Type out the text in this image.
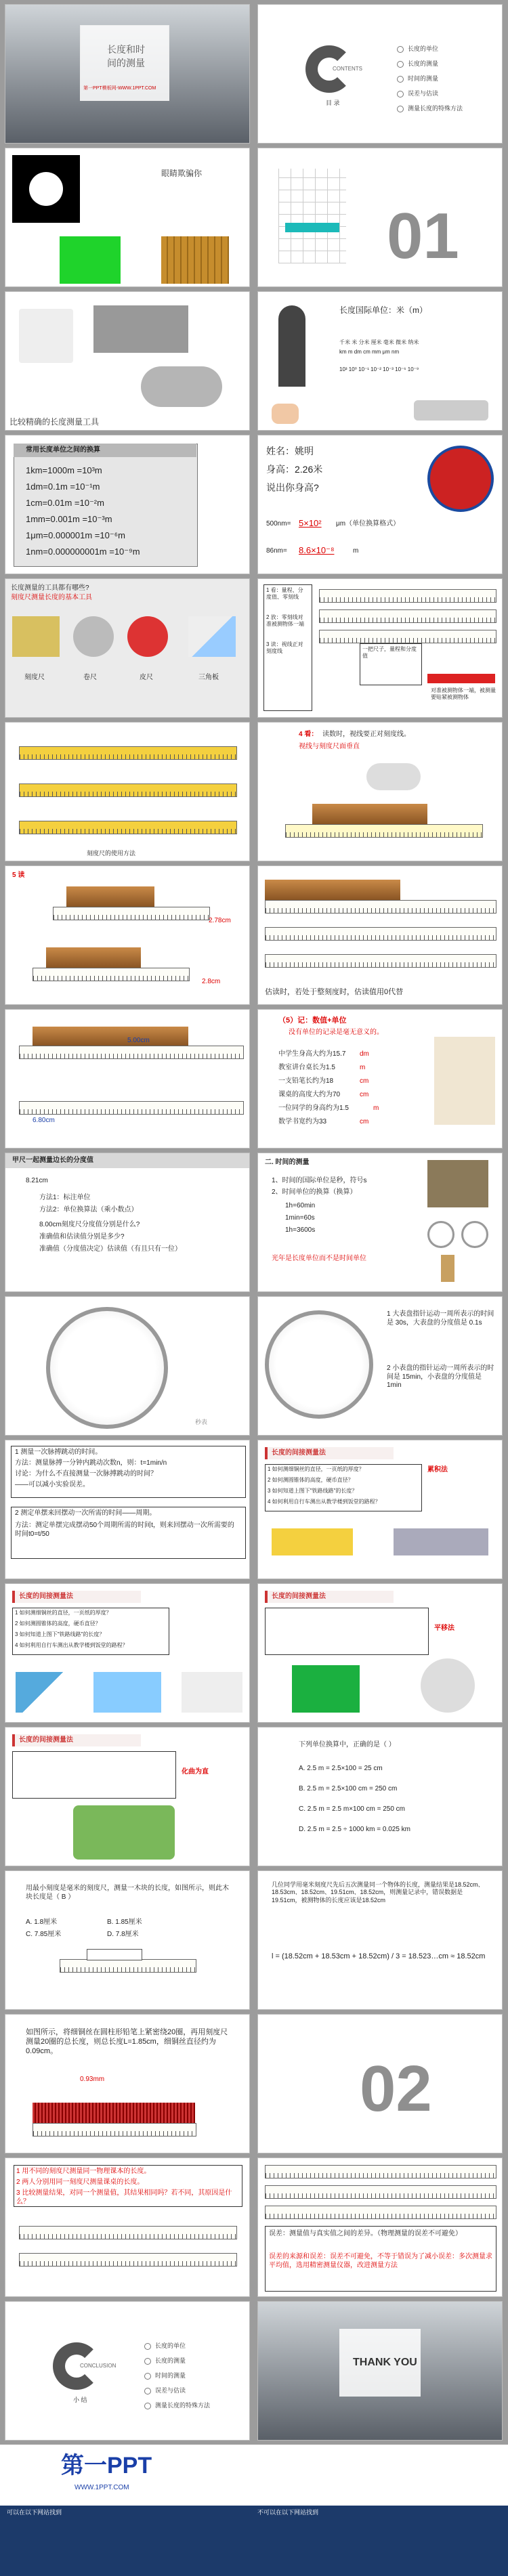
长度和时
间的测量
第一PPT模板网-WWW.1PPT.COM
CONTENTS
目 录
长度的单位
长度的测量
时间的测量
误差与估读
测量长度的特殊方法
眼睛欺骗你
01
比较精确的长度测量工具
长度国际单位：米（m）
千米 米 分米 厘米 毫米 微米 纳米
km m dm cm mm μm nm
10³ 10⁰ 10⁻¹ 10⁻² 10⁻³ 10⁻⁶ 10⁻⁹
常用长度单位之间的换算
1km=1000m =10³m
1dm=0.1m =10⁻¹m
1cm=0.01m =10⁻²m
1mm=0.001m =10⁻³m
1μm=0.000001m =10⁻⁶m
1nm=0.000000001m =10⁻⁹m
姓名：姚明
身高：2.26米
说出你身高?
500nm= 5×10² μm（单位换算格式）
86nm= 8.6×10⁻⁸	m
长度测量的工具都有哪些?
刻度尺测量长度的基本工具
刻度尺	卷尺	皮尺	三角板
1 看：量程、分度值、零刻线
2 放：零刻线对准被测物体一端
3 读：视线正对刻度线	一把尺子，量程和分度值
对准被测物体一端，被测量要贴紧被测物体
刻度尺的使用方法
4 看： 读数时，视线要正对刻度线。
视线与刻度尺面垂直
5 读
2.78cm
2.8cm
估读时，若处于整刻度时，估读值用0代替
5.00cm
6.80cm
（5）记：数值+单位
没有单位的记录是毫无意义的。
中学生身高大约为15.7 dm
教室讲台桌长为1.5	m
一支铅笔长约为18	cm
课桌的高度大约为70	cm
一位同学的身高约为1.5	m
数学书宽约为33	cm
甲尺一起测量边长的分度值
8.21cm
方法1：标注单位
方法2：单位换算法（乘小数点）
8.00cm刻度尺分度值分别是什么?
准确值和估读值分别是多少?
准确值（分度值决定）估读值（有且只有一位）
二. 时间的测量
1、时间的国际单位是秒，符号s
2、时间单位的换算（换算）
1h=60min
1min=60s
1h=3600s
光年是长度单位而不是时间单位
秒表
1 大表盘指针运动一周所表示的时间是 30s，大表盘的分度值是 0.1s
2 小表盘的指针运动一周所表示的时间是 15min，小表盘的分度值是 1min
1 测量一次脉搏跳动的时间。
方法：测量脉搏一分钟内跳动次数n，则：t=1min/n
讨论：为什么不直接测量一次脉搏跳动的时间？
——可以减小实验误差。
2 测定单摆来回摆动一次所需的时间——周期。
方法：测定单摆完成摆动50个周期所需的时间t，则来回摆动一次所需要的时间t0=t/50
长度的间接测量法
1 如何测细铜丝的直径，一页纸的厚度？
2 如何测圆锥体的高度，硬币直径？
3 如何知道上图下"铁路线路"的长度？
4 如何利用自行车测出从教学楼到饭堂的路程？
累积法
长度的间接测量法
1 如何测细铜丝的直径，一页纸的厚度？
2 如何测圆锥体的高度，硬币直径？
3 如何知道上图下"铁路线路"的长度？
4 如何利用自行车测出从教学楼到饭堂的路程？
长度的间接测量法
平移法
长度的间接测量法
化曲为直
下列单位换算中，正确的是（ ）
A. 2.5 m = 2.5×100 = 25 cm
B. 2.5 m = 2.5×100 cm = 250 cm
C. 2.5 m = 2.5 m×100 cm = 250 cm
D. 2.5 m = 2.5 ÷ 1000 km = 0.025 km
用最小刻度是毫米的刻度尺，测量一木块的长度，如图所示，则此木块长度是（ B ）
A. 1.8厘米	B. 1.85厘米
C. 7.85厘米	D. 7.8厘米
几位同学用毫米刻度尺先后五次测量同一个物体的长度，测量结果是18.52cm、18.53cm、18.52cm、19.51cm、18.52cm，则测量记录中，错误数据是19.51cm，被测物体的长度应该是18.52cm
l = (18.52cm + 18.53cm + 18.52cm) / 3 = 18.523…cm ≈ 18.52cm
如图所示，将细铜丝在圆柱形铅笔上紧密绕20圈，再用刻度尺测量20圈的总长度，则总长度L=1.85cm，细铜丝直径约为 0.09cm。
0.93mm	02
1 用不同的刻度尺测量同一物理课本的长度。
2 两人分别用同一刻度尺测量课桌的长度。
3 比较测量结果，对同一个测量值，其结果相同吗？若不同，其原因是什么？
误差：测量值与真实值之间的差异。（物理测量的误差不可避免）
误差的来源和误差：误差不可避免，不等于错误为了减小误差：多次测量求平均值，选用精密测量仪器，改进测量方法
CONCLUSION
小 结
长度的单位
长度的测量
时间的测量
误差与估读
测量长度的特殊方法
THANK YOU
第一PPT
WWW.1PPT.COM
可以在以下网站找到	不可以在以下网站找到
